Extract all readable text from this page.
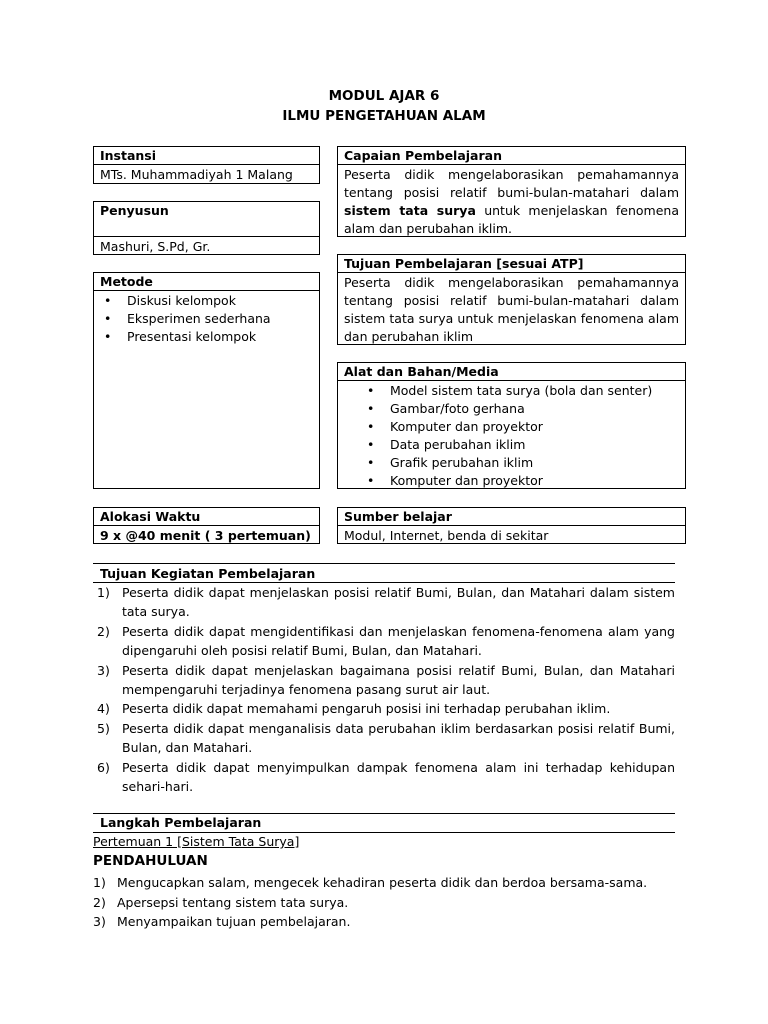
MODUL AJAR 6
ILMU PENGETAHUAN ALAM
Instansi
MTs. Muhammadiyah 1 Malang
Penyusun
Mashuri, S.Pd, Gr.
Metode
• Diskusi kelompok
• Eksperimen sederhana
• Presentasi kelompok
Alokasi Waktu
9 x @40 menit ( 3 pertemuan)
Capaian Pembelajaran
Peserta didik mengelaborasikan pemahamannya tentang posisi relatif bumi-bulan-matahari dalam sistem tata surya untuk menjelaskan fenomena alam dan perubahan iklim.
Tujuan Pembelajaran [sesuai ATP]
Peserta didik mengelaborasikan pemahamannya tentang posisi relatif bumi-bulan-matahari dalam sistem tata surya untuk menjelaskan fenomena alam dan perubahan iklim
Alat dan Bahan/Media
• Model sistem tata surya (bola dan senter)
• Gambar/foto gerhana
• Komputer dan proyektor
• Data perubahan iklim
• Grafik perubahan iklim
• Komputer dan proyektor
Sumber belajar
Modul, Internet, benda di sekitar
Tujuan Kegiatan Pembelajaran
1) Peserta didik dapat menjelaskan posisi relatif Bumi, Bulan, dan Matahari dalam sistem tata surya.
2) Peserta didik dapat mengidentifikasi dan menjelaskan fenomena-fenomena alam yang dipengaruhi oleh posisi relatif Bumi, Bulan, dan Matahari.
3) Peserta didik dapat menjelaskan bagaimana posisi relatif Bumi, Bulan, dan Matahari mempengaruhi terjadinya fenomena pasang surut air laut.
4) Peserta didik dapat memahami pengaruh posisi ini terhadap perubahan iklim.
5) Peserta didik dapat menganalisis data perubahan iklim berdasarkan posisi relatif Bumi, Bulan, dan Matahari.
6) Peserta didik dapat menyimpulkan dampak fenomena alam ini terhadap kehidupan sehari-hari.
Langkah Pembelajaran
Pertemuan 1 [Sistem Tata Surya]
PENDAHULUAN
1) Mengucapkan salam, mengecek kehadiran peserta didik dan berdoa bersama-sama.
2) Apersepsi tentang sistem tata surya.
3) Menyampaikan tujuan pembelajaran.
